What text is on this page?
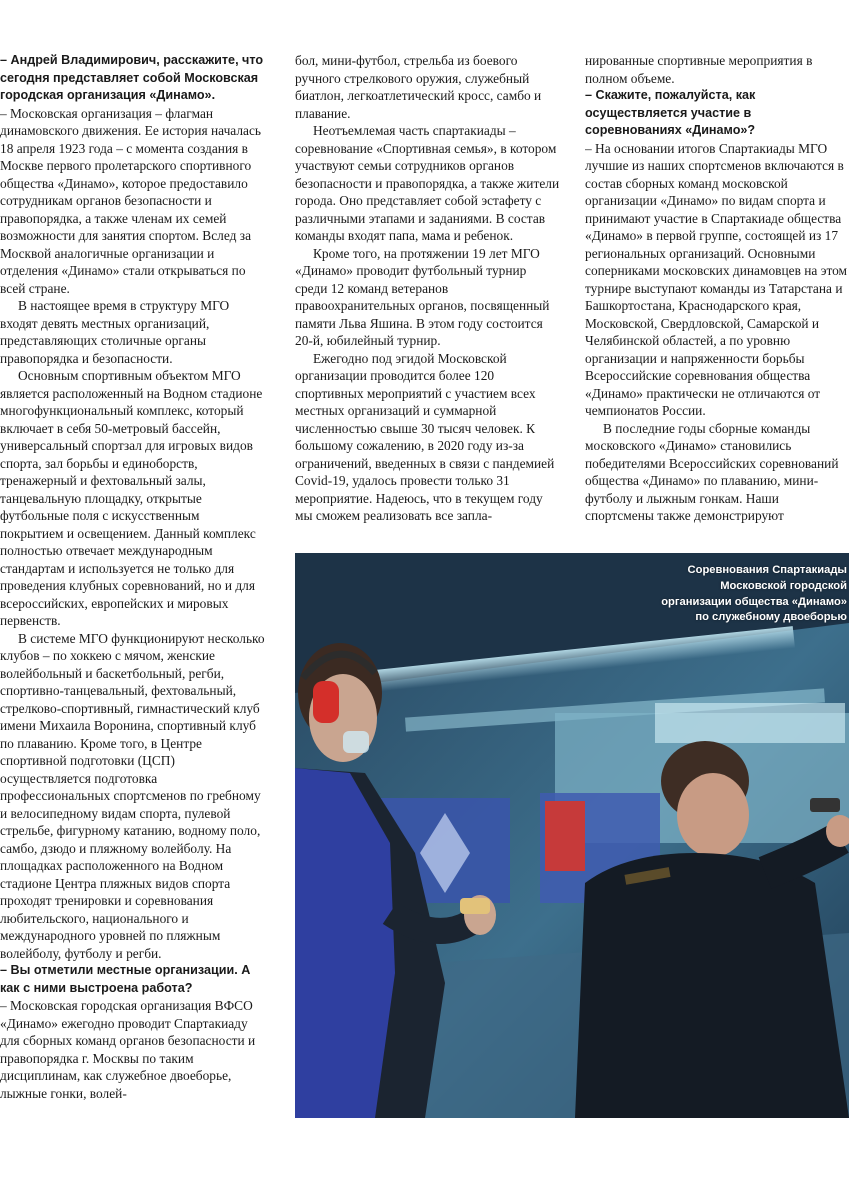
– Андрей Владимирович, расскажите, что сегодня представляет собой Московская городская организация «Динамо».

– Московская организация – флагман динамовского движения. Ее история началась 18 апреля 1923 года – с момента создания в Москве первого пролетарского спортивного общества «Динамо», которое предоставило сотрудникам органов безопасности и правопорядка, а также членам их семей возможности для занятия спортом. Вслед за Москвой аналогичные организации и отделения «Динамо» стали открываться по всей стране.

В настоящее время в структуру МГО входят девять местных организаций, представляющих столичные органы правопорядка и безопасности.

Основным спортивным объектом МГО является расположенный на Водном стадионе многофункциональный комплекс, который включает в себя 50-метровый бассейн, универсальный спортзал для игровых видов спорта, зал борьбы и единоборств, тренажерный и фехтовальный залы, танцевальную площадку, открытые футбольные поля с искусственным покрытием и освещением. Данный комплекс полностью отвечает международным стандартам и используется не только для проведения клубных соревнований, но и для всероссийских, европейских и мировых первенств.

В системе МГО функционируют несколько клубов – по хоккею с мячом, женские волейбольный и баскетбольный, регби, спортивно-танцевальный, фехтовальный, стрелково-спортивный, гимнастический клуб имени Михаила Воронина, спортивный клуб по плаванию. Кроме того, в Центре спортивной подготовки (ЦСП) осуществляется подготовка профессиональных спортсменов по гребному и велосипедному видам спорта, пулевой стрельбе, фигурному катанию, водному поло, самбо, дзюдо и пляжному волейболу. На площадках расположенного на Водном стадионе Центра пляжных видов спорта проходят тренировки и соревнования любительского, национального и международного уровней по пляжным волейболу, футболу и регби.

– Вы отметили местные организации. А как с ними выстроена работа?

– Московская городская организация ВФСО «Динамо» ежегодно проводит Спартакиаду для сборных команд органов безопасности и правопорядка г. Москвы по таким дисциплинам, как служебное двоеборье, лыжные гонки, волей-

бол, мини-футбол, стрельба из боевого ручного стрелкового оружия, служебный биатлон, легкоатлетический кросс, самбо и плавание.

Неотъемлемая часть спартакиады – соревнование «Спортивная семья», в котором участвуют семьи сотрудников органов безопасности и правопорядка, а также жители города. Оно представляет собой эстафету с различными этапами и заданиями. В состав команды входят папа, мама и ребенок.

Кроме того, на протяжении 19 лет МГО «Динамо» проводит футбольный турнир среди 12 команд ветеранов правоохранительных органов, посвященный памяти Льва Яшина. В этом году состоится 20-й, юбилейный турнир.

Ежегодно под эгидой Московской организации проводится более 120 спортивных мероприятий с участием всех местных организаций и суммарной численностью свыше 30 тысяч человек. К большому сожалению, в 2020 году из-за ограничений, введенных в связи с пандемией Covid-19, удалось провести только 31 мероприятие. Надеюсь, что в текущем году мы сможем реализовать все запла-

нированные спортивные мероприятия в полном объеме.

– Скажите, пожалуйста, как осуществляется участие в соревнованиях «Динамо»?

– На основании итогов Спартакиады МГО лучшие из наших спортсменов включаются в состав сборных команд московской организации «Динамо» по видам спорта и принимают участие в Спартакиаде общества «Динамо» в первой группе, состоящей из 17 региональных организаций. Основными соперниками московских динамовцев на этом турнире выступают команды из Татарстана и Башкортостана, Краснодарского края, Московской, Свердловской, Самарской и Челябинской областей, а по уровню организации и напряженности борьбы Всероссийские соревнования общества «Динамо» практически не отличаются от чемпионатов России.

В последние годы сборные команды московского «Динамо» становились победителями Всероссийских соревнований общества «Динамо» по плаванию, мини-футболу и лыжным гонкам. Наши спортсмены также демонстрируют

Соревнования Спартакиады Московской городской организации общества «Динамо» по служебному двоеборью
